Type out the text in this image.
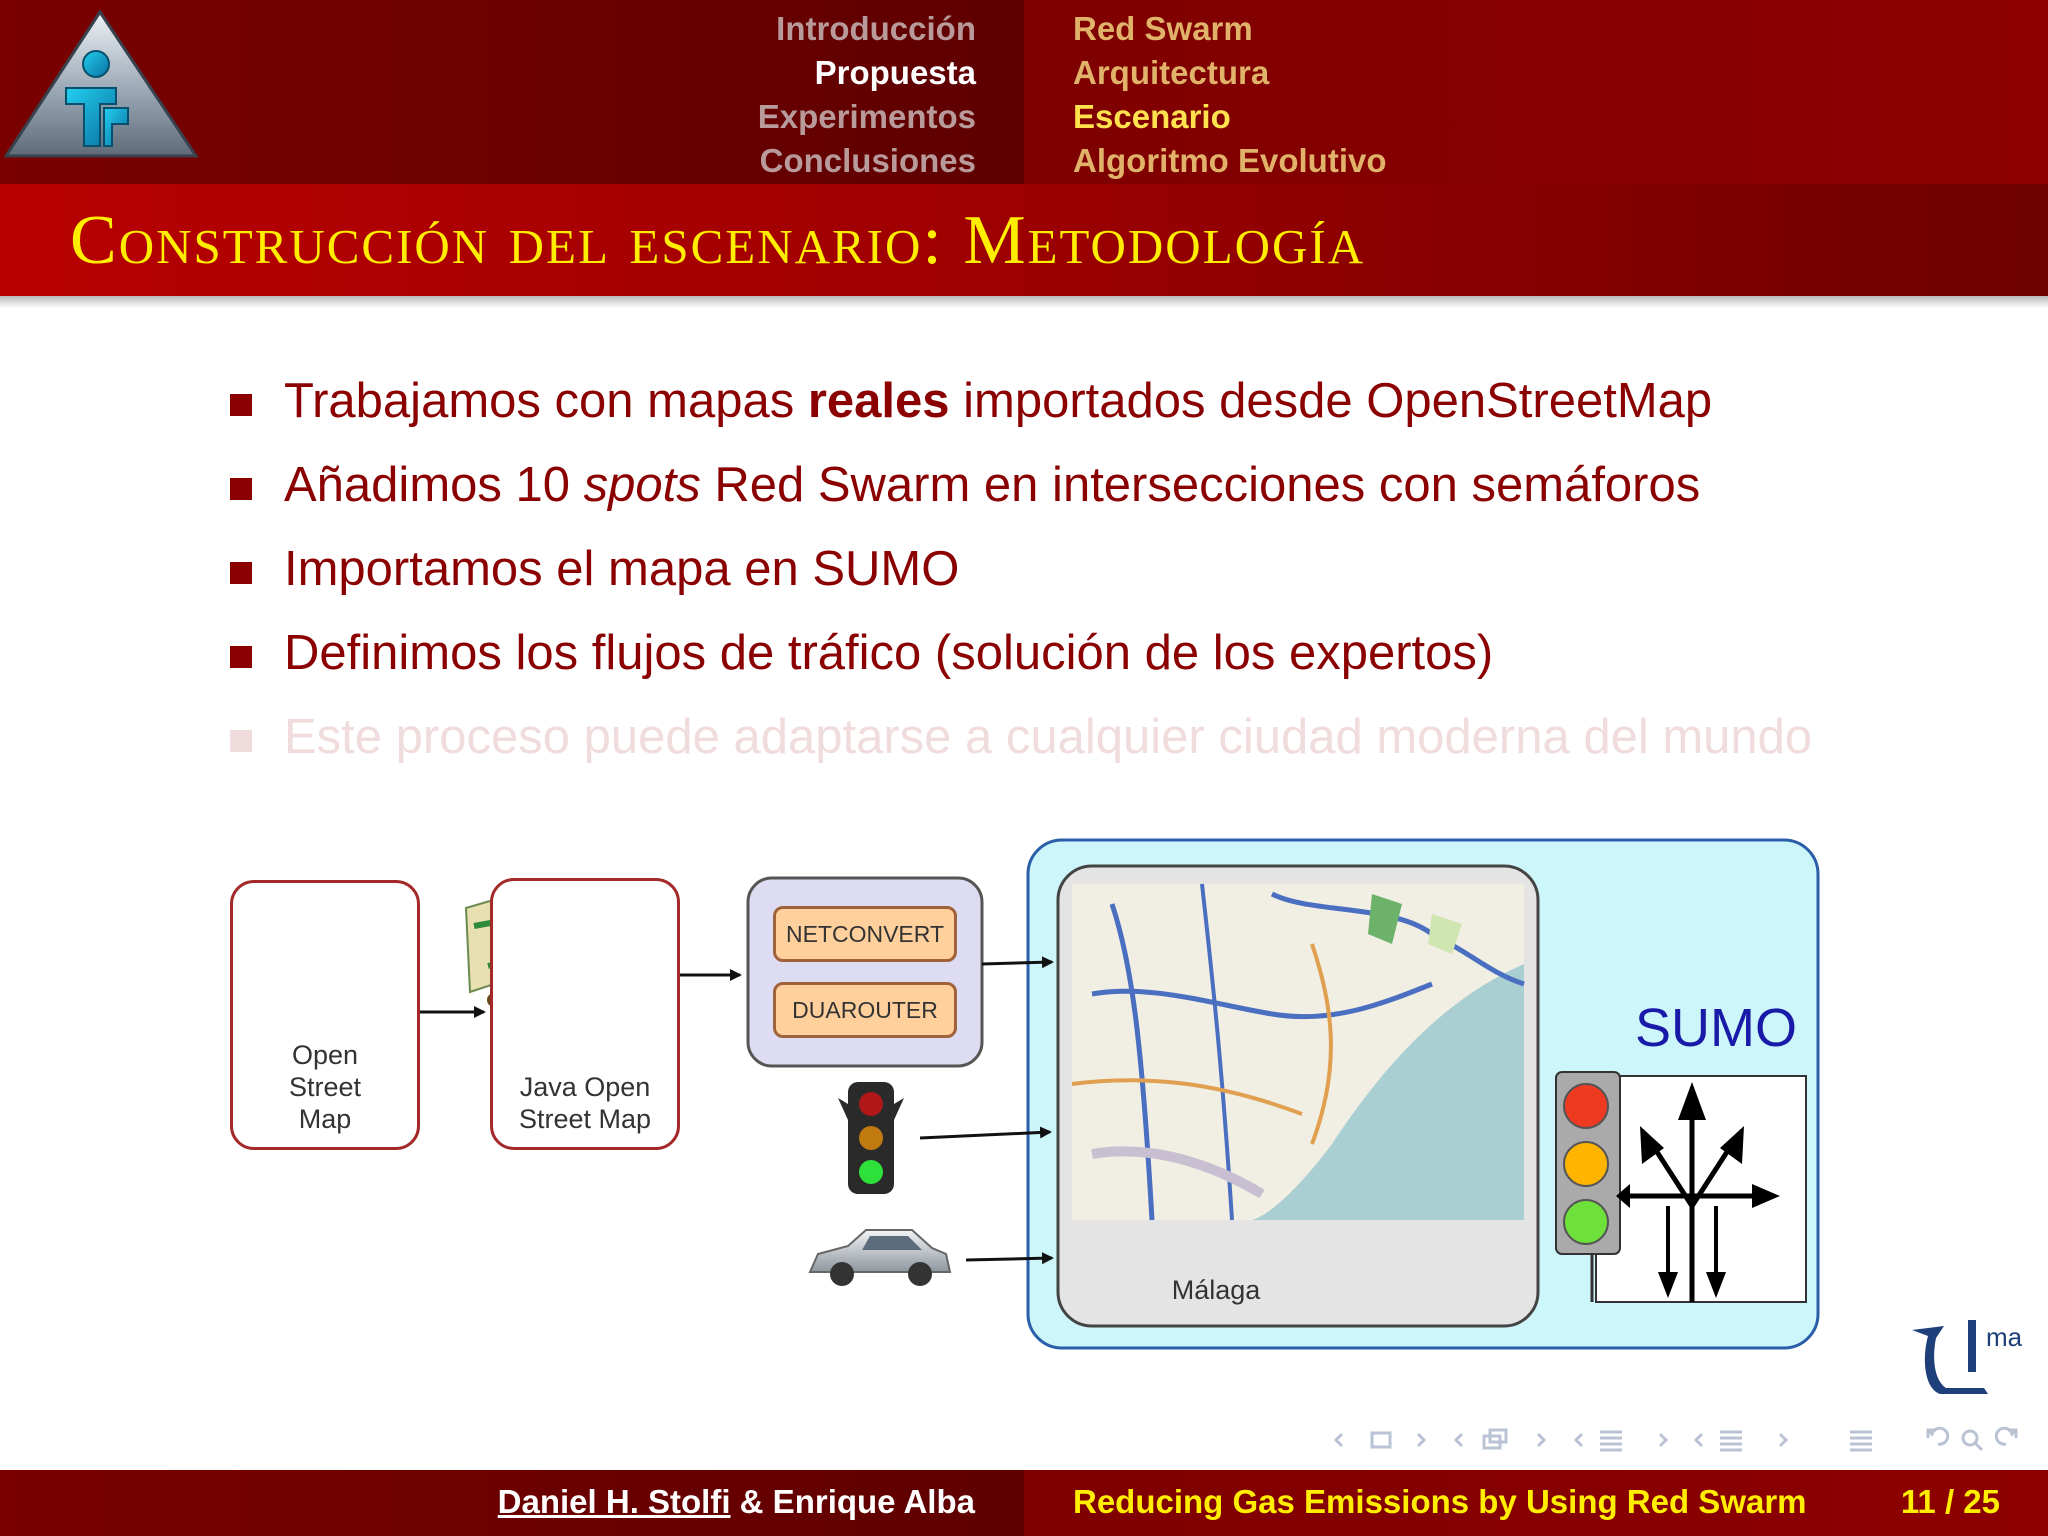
Introducción
Propuesta
Experimentos
Conclusiones
Red Swarm
Arquitectura
Escenario
Algoritmo Evolutivo
Construcción del escenario: Metodología
Trabajamos con mapas reales importados desde OpenStreetMap
Añadimos 10 spots Red Swarm en intersecciones con semáforos
Importamos el mapa en SUMO
Definimos los flujos de tráfico (solución de los expertos)
Este proceso puede adaptarse a cualquier ciudad moderna del mundo
Open
Street
Map
Java Open
Street Map
NETCONVERT
DUAROUTER	SUMO
Málaga
ma
Daniel H. Stolfi & Enrique Alba	Reducing Gas Emissions by Using Red Swarm	11 / 25
